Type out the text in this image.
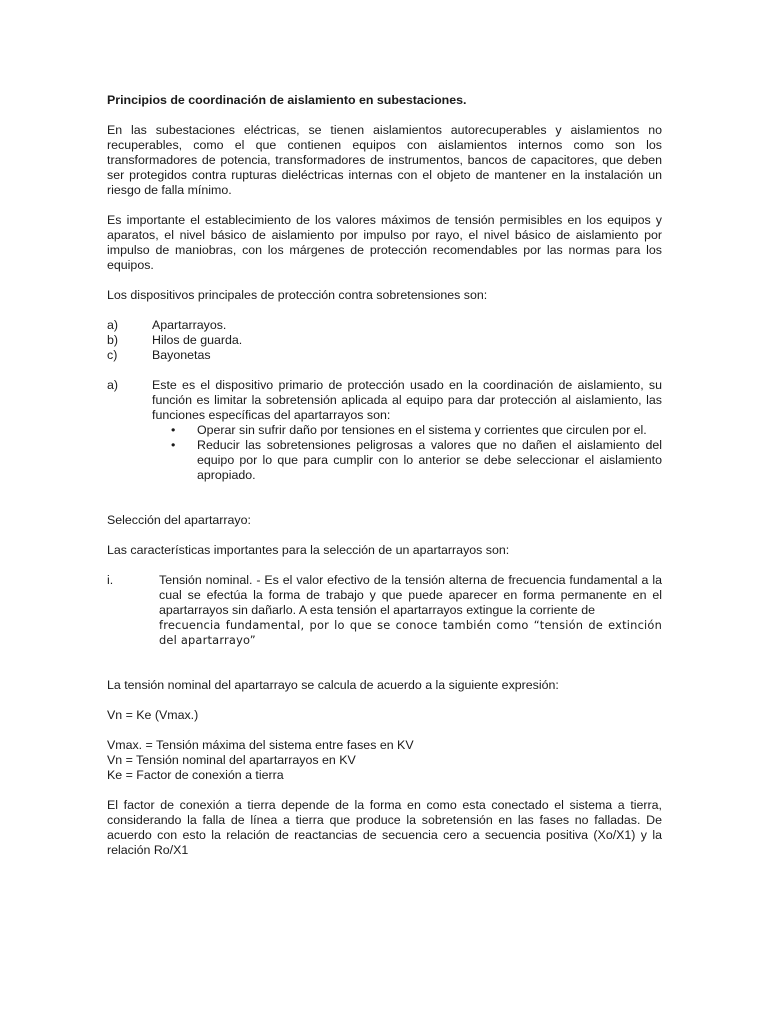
Principios de coordinación de aislamiento en subestaciones.

En las subestaciones eléctricas, se tienen aislamientos autorecuperables y aislamientos no recuperables, como el que contienen equipos con aislamientos internos como son los transformadores de potencia, transformadores de instrumentos, bancos de capacitores, que deben ser protegidos contra rupturas dieléctricas internas con el objeto de mantener en la instalación un riesgo de falla mínimo.

Es importante el establecimiento de los valores máximos de tensión permisibles en los equipos y aparatos, el nivel básico de aislamiento por impulso por rayo, el nivel básico de aislamiento por impulso de maniobras, con los márgenes de protección recomendables por las normas para los equipos.

Los dispositivos principales de protección contra sobretensiones son:

a)	Apartarrayos.
b)	Hilos de guarda.
c)	Bayonetas
a)	Este es el dispositivo primario de protección usado en la coordinación de aislamiento, su función es limitar la sobretensión aplicada al equipo para dar protección al aislamiento, las funciones específicas del apartarrayos son:

•	Operar sin sufrir daño por tensiones en el sistema y corrientes que circulen por el.
•	Reducir las sobretensiones peligrosas a valores que no dañen el aislamiento del equipo por lo que para cumplir con lo anterior se debe seleccionar el aislamiento apropiado.

Selección del apartarrayo:

Las características importantes para la selección de un apartarrayos son:

i.	Tensión nominal. - Es el valor efectivo de la tensión alterna de frecuencia fundamental a la cual se efectúa la forma de trabajo y que puede aparecer en forma permanente en el apartarrayos sin dañarlo. A esta tensión el apartarrayos extingue la corriente de

frecuencia fundamental, por lo que se conoce también como “tensión de extinción del apartarrayo”

La tensión nominal del apartarrayo se calcula de acuerdo a la siguiente expresión:

Vn = Ke (Vmax.)

Vmax. = Tensión máxima del sistema entre fases en KV

Vn = Tensión nominal del apartarrayos en KV

Ke = Factor de conexión a tierra

El factor de conexión a tierra depende de la forma en como esta conectado el sistema a tierra, considerando la falla de línea a tierra que produce la sobretensión en las fases no falladas. De acuerdo con esto la relación de reactancias de secuencia cero a secuencia positiva (Xo/X1) y la relación Ro/X1
